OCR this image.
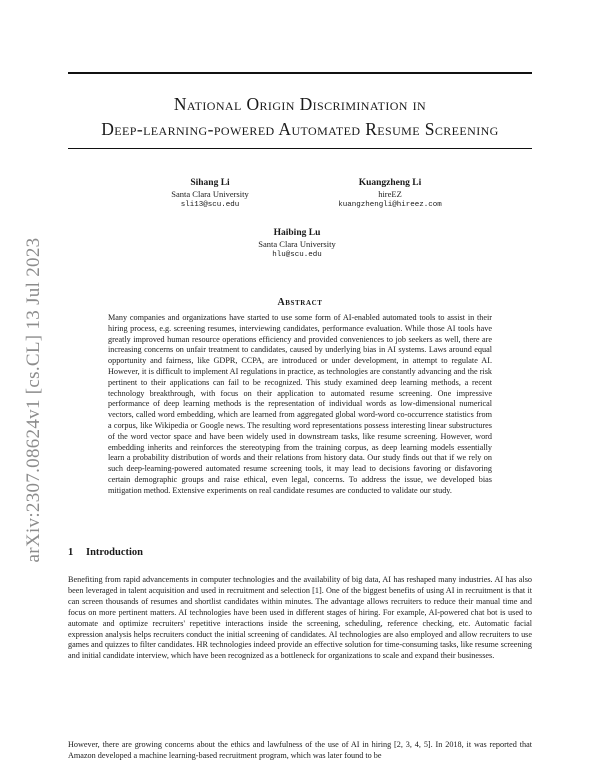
arXiv:2307.08624v1 [cs.CL] 13 Jul 2023
National Origin Discrimination in
Deep-learning-powered Automated Resume Screening
Sihang Li
Santa Clara University
sli13@scu.edu
Kuangzheng Li
hireEZ
kuangzhengli@hireez.com
Haibing Lu
Santa Clara University
hlu@scu.edu
Abstract

Many companies and organizations have started to use some form of AI-enabled automated tools to assist in their hiring process, e.g. screening resumes, interviewing candidates, performance evaluation. While those AI tools have greatly improved human resource operations efficiency and provided conveniences to job seekers as well, there are increasing concerns on unfair treatment to candidates, caused by underlying bias in AI systems. Laws around equal opportunity and fairness, like GDPR, CCPA, are introduced or under development, in attempt to regulate AI. However, it is difficult to implement AI regulations in practice, as technologies are constantly advancing and the risk pertinent to their applications can fail to be recognized. This study examined deep learning methods, a recent technology breakthrough, with focus on their application to automated resume screening. One impressive performance of deep learning methods is the representation of individual words as low-dimensional numerical vectors, called word embedding, which are learned from aggregated global word-word co-occurrence statistics from a corpus, like Wikipedia or Google news. The resulting word representations possess interesting linear substructures of the word vector space and have been widely used in downstream tasks, like resume screening. However, word embedding inherits and reinforces the stereotyping from the training corpus, as deep learning models essentially learn a probability distribution of words and their relations from history data. Our study finds out that if we rely on such deep-learning-powered automated resume screening tools, it may lead to decisions favoring or disfavoring certain demographic groups and raise ethical, even legal, concerns. To address the issue, we developed bias mitigation method. Extensive experiments on real candidate resumes are conducted to validate our study.

1 Introduction

Benefiting from rapid advancements in computer technologies and the availability of big data, AI has reshaped many industries. AI has also been leveraged in talent acquisition and used in recruitment and selection [1]. One of the biggest benefits of using AI in recruitment is that it can screen thousands of resumes and shortlist candidates within minutes. The advantage allows recruiters to reduce their manual time and focus on more pertinent matters. AI technologies have been used in different stages of hiring. For example, AI-powered chat bot is used to automate and optimize recruiters' repetitive interactions inside the screening, scheduling, reference checking, etc. Automatic facial expression analysis helps recruiters conduct the initial screening of candidates. AI technologies are also employed and allow recruiters to use games and quizzes to filter candidates. HR technologies indeed provide an effective solution for time-consuming tasks, like resume screening and initial candidate interview, which have been recognized as a bottleneck for organizations to scale and expand their businesses.

However, there are growing concerns about the ethics and lawfulness of the use of AI in hiring [2, 3, 4, 5]. In 2018, it was reported that Amazon developed a machine learning-based recruitment program, which was later found to be
